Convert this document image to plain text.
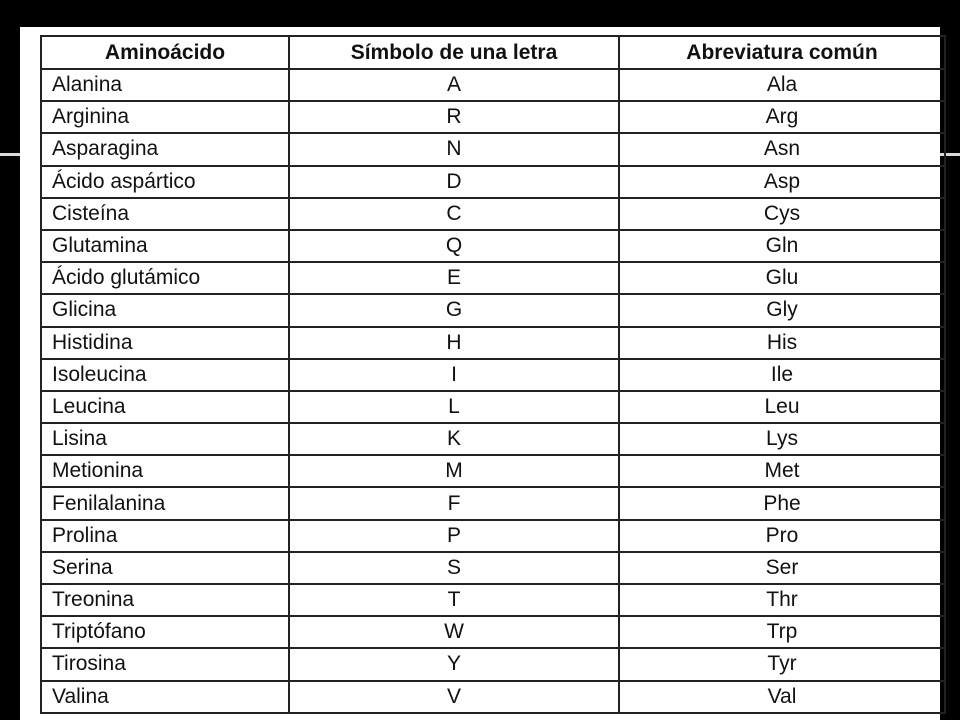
Aminoácido	Símbolo de una letra	Abreviatura común
Alanina	A	Ala
Arginina	R	Arg
Asparagina	N	Asn
Ácido aspártico	D	Asp
Cisteína	C	Cys
Glutamina	Q	Gln
Ácido glutámico	E	Glu
Glicina	G	Gly
Histidina	H	His
Isoleucina	I	Ile
Leucina	L	Leu
Lisina	K	Lys
Metionina	M	Met
Fenilalanina	F	Phe
Prolina	P	Pro
Serina	S	Ser
Treonina	T	Thr
Triptófano	W	Trp
Tirosina	Y	Tyr
Valina	V	Val
